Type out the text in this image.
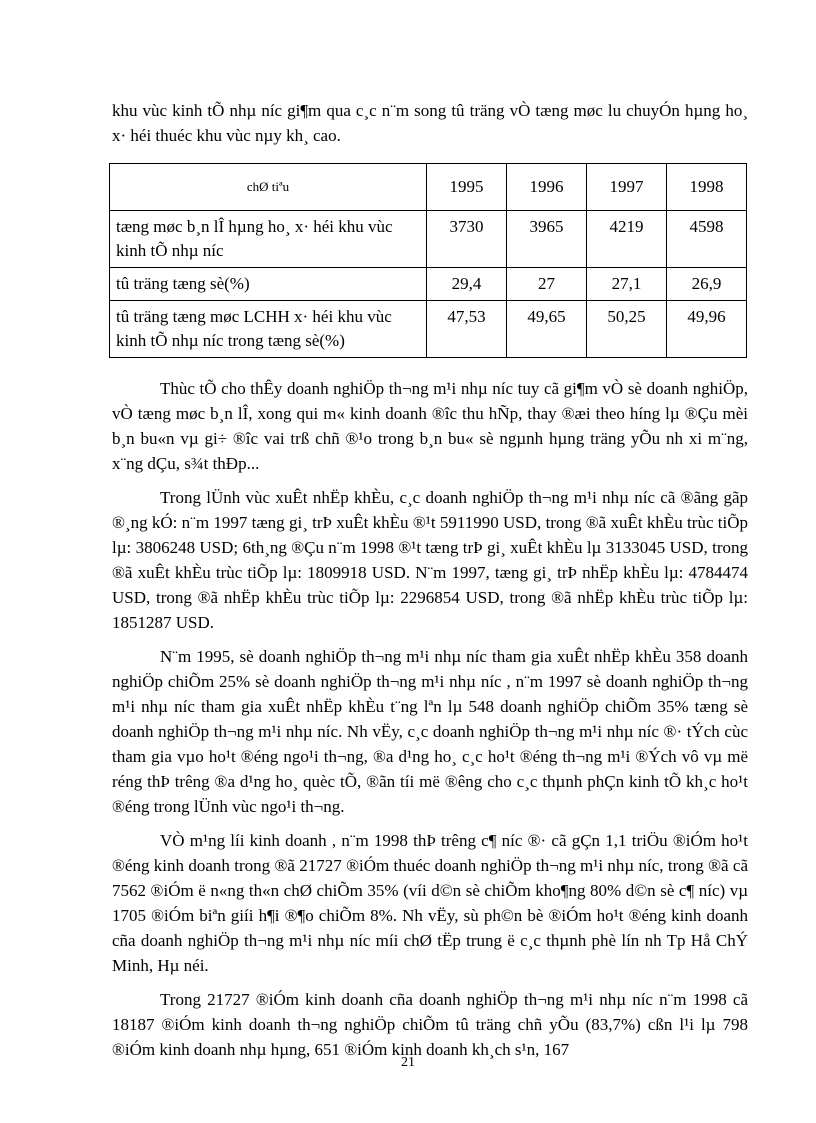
khu vùc kinh tÕ nhµ níc gi¶m qua c¸c n¨m song tû träng vÒ tæng møc lu chuyÓn hµng ho¸ x· héi thuéc khu vùc nµy kh¸ cao.

chØ tiªu	1995	1996	1997	1998
tæng møc b¸n lÎ hµng ho¸ x· héi khu vùc kinh tÕ nhµ níc	3730	3965	4219	4598
tû träng tæng sè(%)	29,4	27	27,1	26,9
tû träng tæng møc LCHH x· héi khu vùc kinh tÕ nhµ níc trong tæng sè(%)	47,53	49,65	50,25	49,96

Thùc tÕ cho thÊy doanh nghiÖp th¬ng m¹i nhµ níc tuy cã gi¶m vÒ sè doanh nghiÖp, vÒ tæng møc b¸n lÎ, xong qui m« kinh doanh ®îc thu hÑp, thay ®æi theo híng lµ ®Çu mèi b¸n bu«n vµ gi÷ ®îc vai trß chñ ®¹o trong b¸n bu« sè ngµnh hµng träng yÕu nh xi m¨ng, x¨ng dÇu, s¾t thÐp...

Trong lÜnh vùc xuÊt nhËp khÈu, c¸c doanh nghiÖp th¬ng m¹i nhµ níc cã ®ãng gãp ®¸ng kÓ: n¨m 1997 tæng gi¸ trÞ xuÊt khÈu ®¹t 5911990 USD, trong ®ã xuÊt khÈu trùc tiÕp lµ: 3806248 USD; 6th¸ng ®Çu n¨m 1998 ®¹t tæng trÞ gi¸ xuÊt khÈu lµ 3133045 USD, trong ®ã xuÊt khÈu trùc tiÕp lµ: 1809918 USD. N¨m 1997, tæng gi¸ trÞ nhËp khÈu lµ: 4784474 USD, trong ®ã nhËp khÈu trùc tiÕp lµ: 2296854 USD, trong ®ã nhËp khÈu trùc tiÕp lµ: 1851287 USD.

N¨m 1995, sè doanh nghiÖp th¬ng m¹i nhµ níc tham gia xuÊt nhËp khÈu 358 doanh nghiÖp chiÕm 25% sè doanh nghiÖp th¬ng m¹i nhµ níc , n¨m 1997 sè doanh nghiÖp th¬ng m¹i nhµ níc tham gia xuÊt nhËp khÈu t¨ng lªn lµ 548 doanh nghiÖp chiÕm 35% tæng sè doanh nghiÖp th¬ng m¹i nhµ níc. Nh vËy, c¸c doanh nghiÖp th¬ng m¹i nhµ níc ®· tÝch cùc tham gia vµo ho¹t ®éng ngo¹i th¬ng, ®a d¹ng ho¸ c¸c ho¹t ®éng th¬ng m¹i ®Ých vô vµ më réng thÞ trêng ®a d¹ng ho¸ quèc tÕ, ®ãn tíi më ®êng cho c¸c thµnh phÇn kinh tÕ kh¸c ho¹t ®éng trong lÜnh vùc ngo¹i th¬ng.

VÒ m¹ng líi kinh doanh , n¨m 1998 thÞ trêng c¶ níc ®· cã gÇn 1,1 triÖu ®iÓm ho¹t ®éng kinh doanh trong ®ã 21727 ®iÓm thuéc doanh nghiÖp th¬ng m¹i nhµ níc, trong ®ã cã 7562 ®iÓm ë n«ng th«n chØ chiÕm 35% (víi d©n sè chiÕm kho¶ng 80% d©n sè c¶ níc) vµ 1705 ®iÓm biªn giíi h¶i ®¶o chiÕm 8%. Nh vËy, sù ph©n bè ®iÓm ho¹t ®éng kinh doanh cña doanh nghiÖp th¬ng m¹i nhµ níc míi chØ tËp trung ë c¸c thµnh phè lín nh Tp Hå ChÝ Minh, Hµ néi.

Trong 21727 ®iÓm kinh doanh cña doanh nghiÖp th¬ng m¹i nhµ níc n¨m 1998 cã 18187 ®iÓm kinh doanh th¬ng nghiÖp chiÕm tû träng chñ yÕu (83,7%) cßn l¹i lµ 798 ®iÓm kinh doanh nhµ hµng, 651 ®iÓm kinh doanh kh¸ch s¹n, 167

21
